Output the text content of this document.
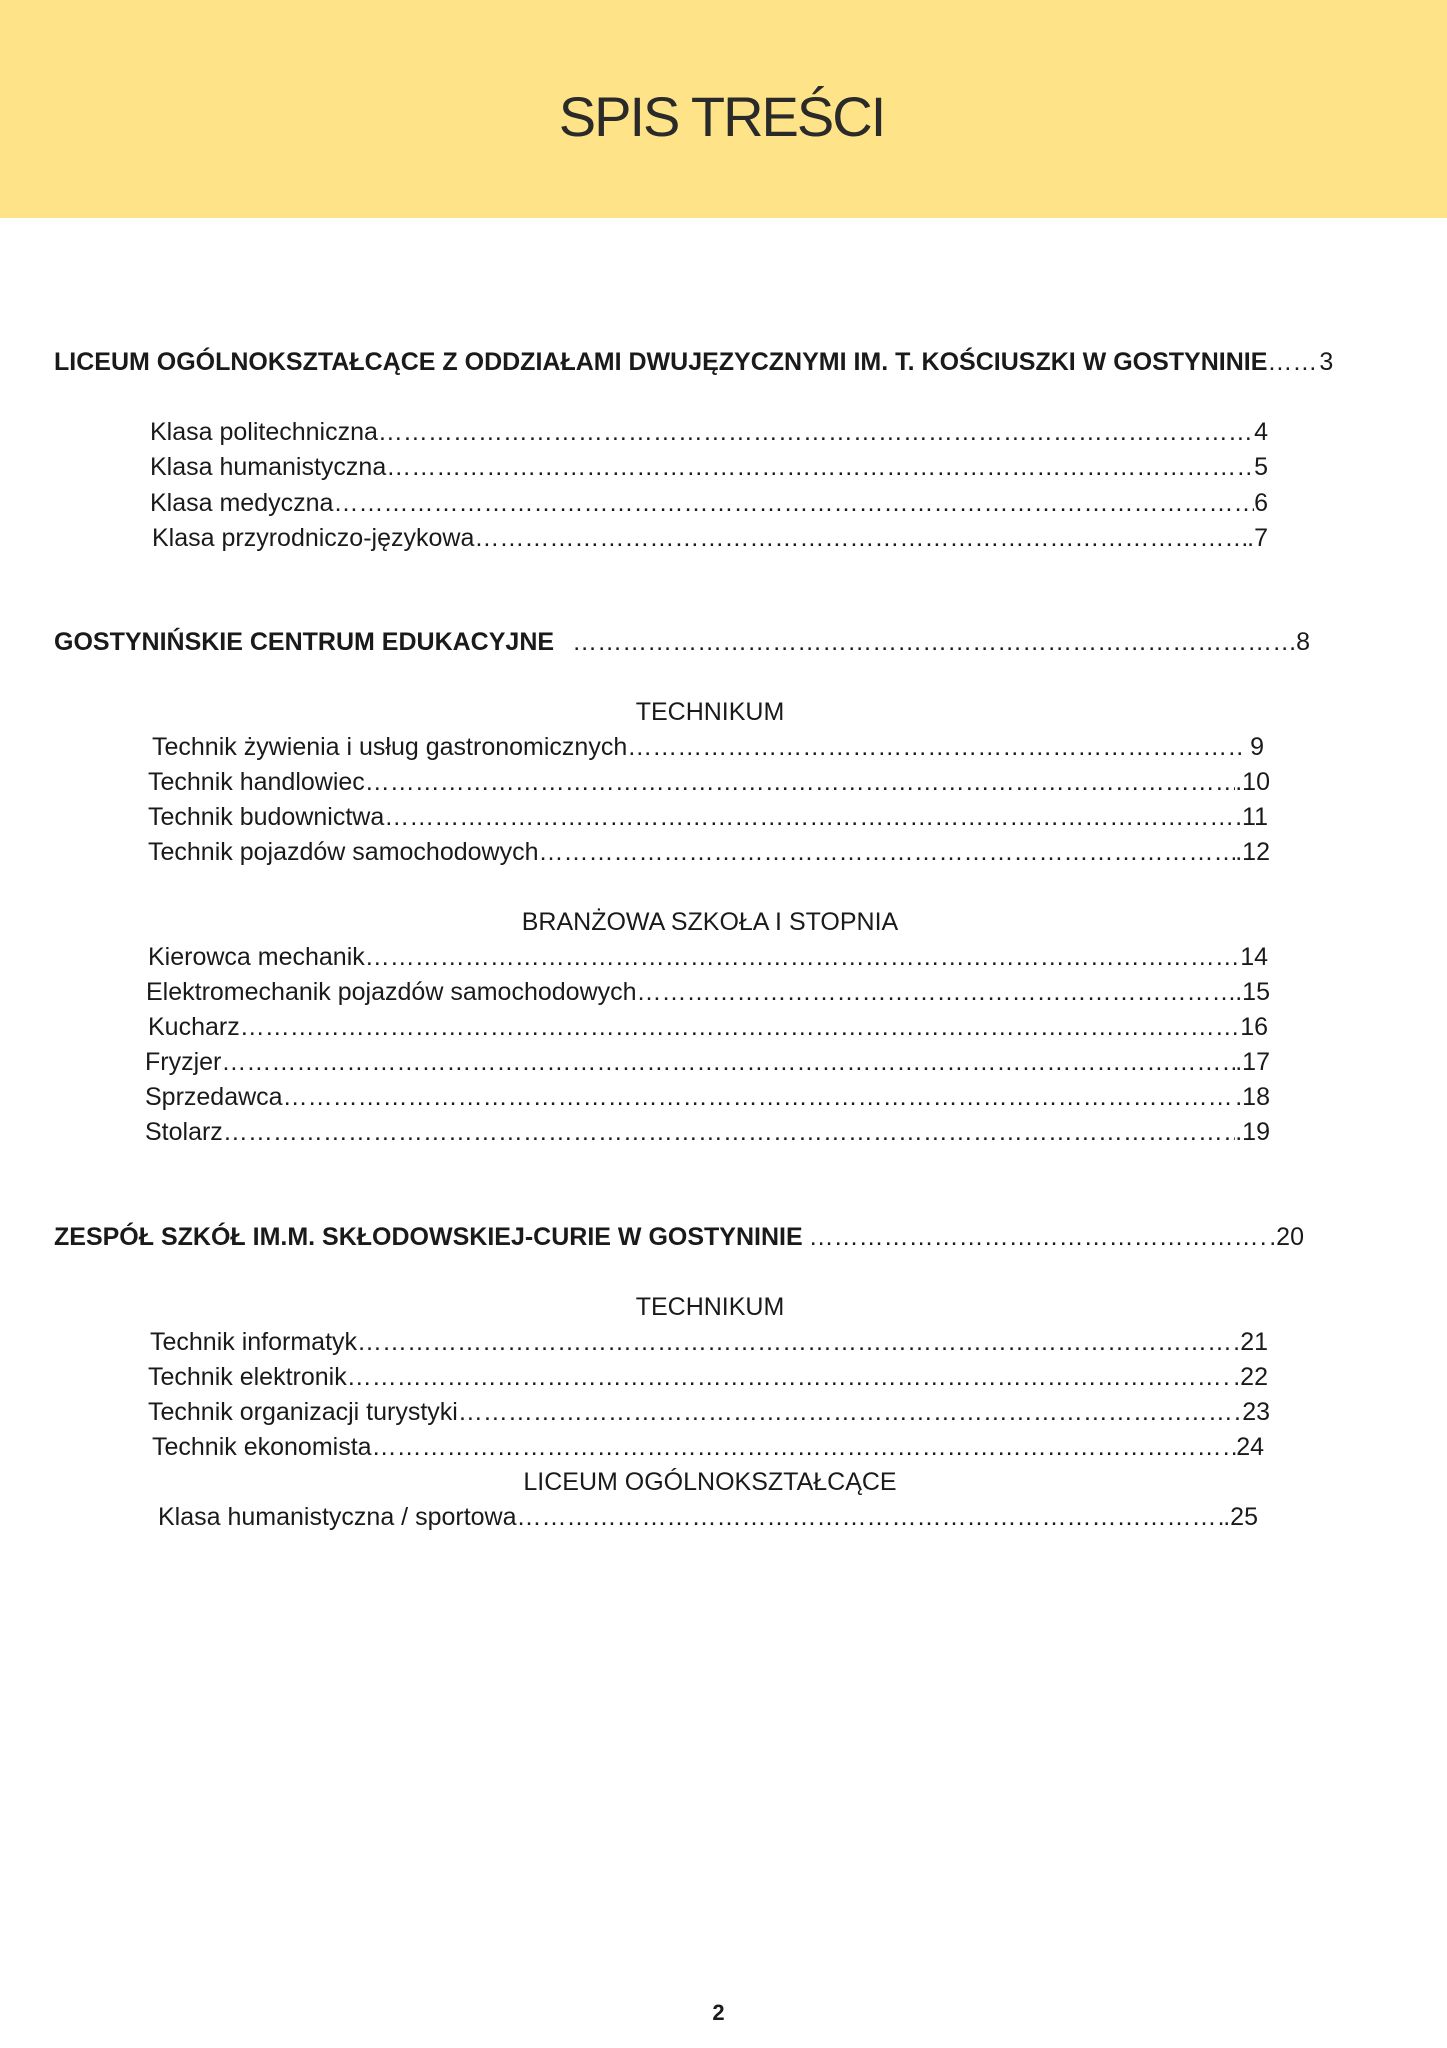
SPIS TREŚCI
LICEUM OGÓLNOKSZTAŁCĄCE Z ODDZIAŁAMI DWUJĘZYCZNYMI IM. T. KOŚCIUSZKI W GOSTYNINIE ……………………………………………………………………………………………………………………………………………………………………………………………………………………………………………………………………………………………… 3
Klasa politechniczna ………………………………………………………………………………………………………………………………………………………………………………………………………………………………………………………………………………………………	4
Klasa humanistyczna ………………………………………………………………………………………………………………………………………………………………………………………………………………………………………………………………………………………………	5
Klasa medyczna ………………………………………………………………………………………………………………………………………………………………………………………………………………………………………………………………………………………………	6
Klasa przyrodniczo-językowa ………………………………………………………………………………………………………………………………………………………………………………………………………………………………………………………………………………………………	.7
GOSTYNIŃSKIE CENTRUM EDUKACYJNE ………………………………………………………………………………………………………………………………………………………………………………………………………………………………………………………………………………………………	.8
TECHNIKUM
Technik żywienia i usług gastronomicznych ………………………………………………………………………………………………………………………………………………………………………………………………………………………………………………………………………………………………	. 9
Technik handlowiec ………………………………………………………………………………………………………………………………………………………………………………………………………………………………………………………………………………………………	.10
Technik budownictwa ………………………………………………………………………………………………………………………………………………………………………………………………………………………………………………………………………………………………	.11
Technik pojazdów samochodowych ………………………………………………………………………………………………………………………………………………………………………………………………………………………………………………………………………………………………	.12
BRANŻOWA SZKOŁA I STOPNIA
Kierowca mechanik ………………………………………………………………………………………………………………………………………………………………………………………………………………………………………………………………………………………………	14
Elektromechanik pojazdów samochodowych ………………………………………………………………………………………………………………………………………………………………………………………………………………………………………………………………………………………………	.15
Kucharz ………………………………………………………………………………………………………………………………………………………………………………………………………………………………………………………………………………………………	16
Fryzjer ………………………………………………………………………………………………………………………………………………………………………………………………………………………………………………………………………………………………	.17
Sprzedawca ………………………………………………………………………………………………………………………………………………………………………………………………………………………………………………………………………………………………	.18
Stolarz ………………………………………………………………………………………………………………………………………………………………………………………………………………………………………………………………………………………………	.19
ZESPÓŁ SZKÓŁ IM.M. SKŁODOWSKIEJ-CURIE W GOSTYNINIE ………………………………………………………………………………………………………………………………………………………………………………………………………………………………………………………………………………………………	.20
TECHNIKUM
Technik informatyk ………………………………………………………………………………………………………………………………………………………………………………………………………………………………………………………………………………………………	21
Technik elektronik ………………………………………………………………………………………………………………………………………………………………………………………………………………………………………………………………………………………………	.22
Technik organizacji turystyki ………………………………………………………………………………………………………………………………………………………………………………………………………………………………………………………………………………………………	23
Technik ekonomista ………………………………………………………………………………………………………………………………………………………………………………………………………………………………………………………………………………………………	24
LICEUM OGÓLNOKSZTAŁCĄCE
Klasa humanistyczna / sportowa ………………………………………………………………………………………………………………………………………………………………………………………………………………………………………………………………………………………………	.25
2
